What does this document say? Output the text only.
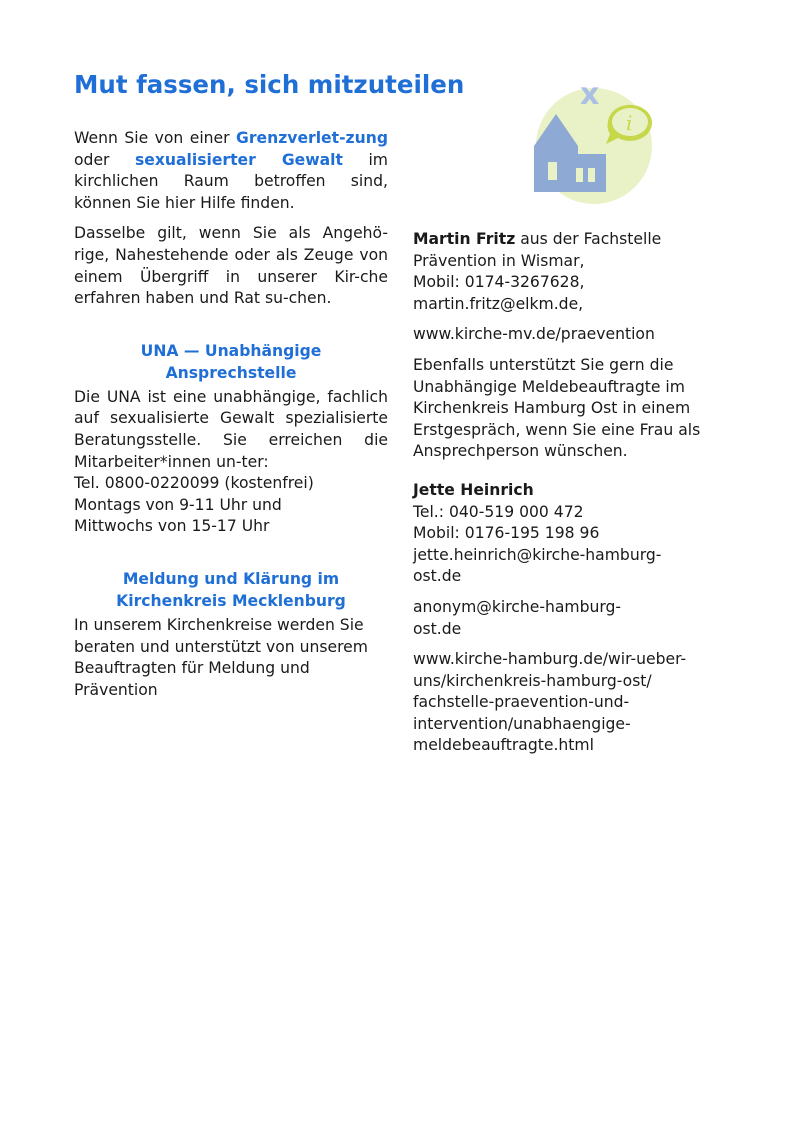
Mut fassen, sich mitzuteilen	x
i

Wenn Sie von einer Grenzverlet-zung oder sexualisierter Gewalt im kirchlichen Raum betroffen sind, können Sie hier Hilfe finden.

Dasselbe gilt, wenn Sie als Angehö-rige, Nahestehende oder als Zeuge von einem Übergriff in unserer Kir-che erfahren haben und Rat su-chen.

UNA — Unabhängige
Ansprechstelle

Die UNA ist eine unabhängige, fachlich auf sexualisierte Gewalt spezialisierte Beratungsstelle. Sie erreichen die Mitarbeiter*innen un-ter:

Tel. 0800-0220099 (kostenfrei)
Montags von 9-11 Uhr und
Mittwochs von 15-17 Uhr
Meldung und Klärung im
Kirchenkreis Mecklenburg

In unserem Kirchenkreise werden Sie beraten und unterstützt von unserem Beauftragten für Meldung und Prävention

Martin Fritz aus der Fachstelle Prävention in Wismar,
Mobil: 0174-3267628,
martin.fritz@elkm.de,

www.kirche-mv.de/praevention

Ebenfalls unterstützt Sie gern die Unabhängige Meldebeauftragte im Kirchenkreis Hamburg Ost in einem Erstgespräch, wenn Sie eine Frau als Ansprechperson wünschen.

Jette Heinrich
Tel.: 040-519 000 472
Mobil: 0176-195 198 96
jette.heinrich@kirche-hamburg-
ost.de

anonym@kirche-hamburg-
ost.de

www.kirche-hamburg.de/wir-ueber-
uns/kirchenkreis-hamburg-ost/
fachstelle-praevention-und-
intervention/unabhaengige-
meldebeauftragte.html
